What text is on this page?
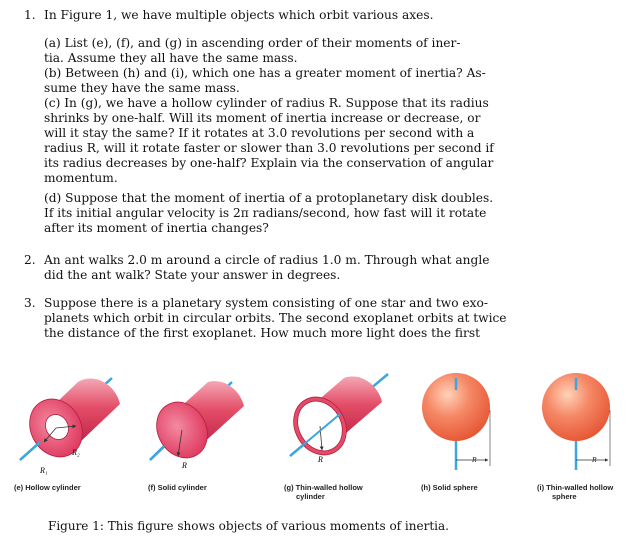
1. In Figure 1, we have multiple objects which orbit various axes.
(a) List (e), (f), and (g) in ascending order of their moments of iner-
tia. Assume they all have the same mass.
(b) Between (h) and (i), which one has a greater moment of inertia? As-
sume they have the same mass.
(c) In (g), we have a hollow cylinder of radius R. Suppose that its radius
shrinks by one-half. Will its moment of inertia increase or decrease, or
will it stay the same? If it rotates at 3.0 revolutions per second with a
radius R, will it rotate faster or slower than 3.0 revolutions per second if
its radius decreases by one-half? Explain via the conservation of angular
momentum.
(d) Suppose that the moment of inertia of a protoplanetary disk doubles.
If its initial angular velocity is 2π radians/second, how fast will it rotate
after its moment of inertia changes?
2. An ant walks 2.0 m around a circle of radius 1.0 m. Through what angle
did the ant walk? State your answer in degrees.
3. Suppose there is a planetary system consisting of one star and two exo-
planets which orbit in circular orbits. The second exoplanet orbits at twice
the distance of the first exoplanet. How much more light does the first
R₁
R₂
R
R	R	R
(e) Hollow cylinder	(f) Solid cylinder	(g) Thin-walled hollow
cylinder
(h) Solid sphere	(i) Thin-walled hollow
sphere
Figure 1: This figure shows objects of various moments of inertia.
